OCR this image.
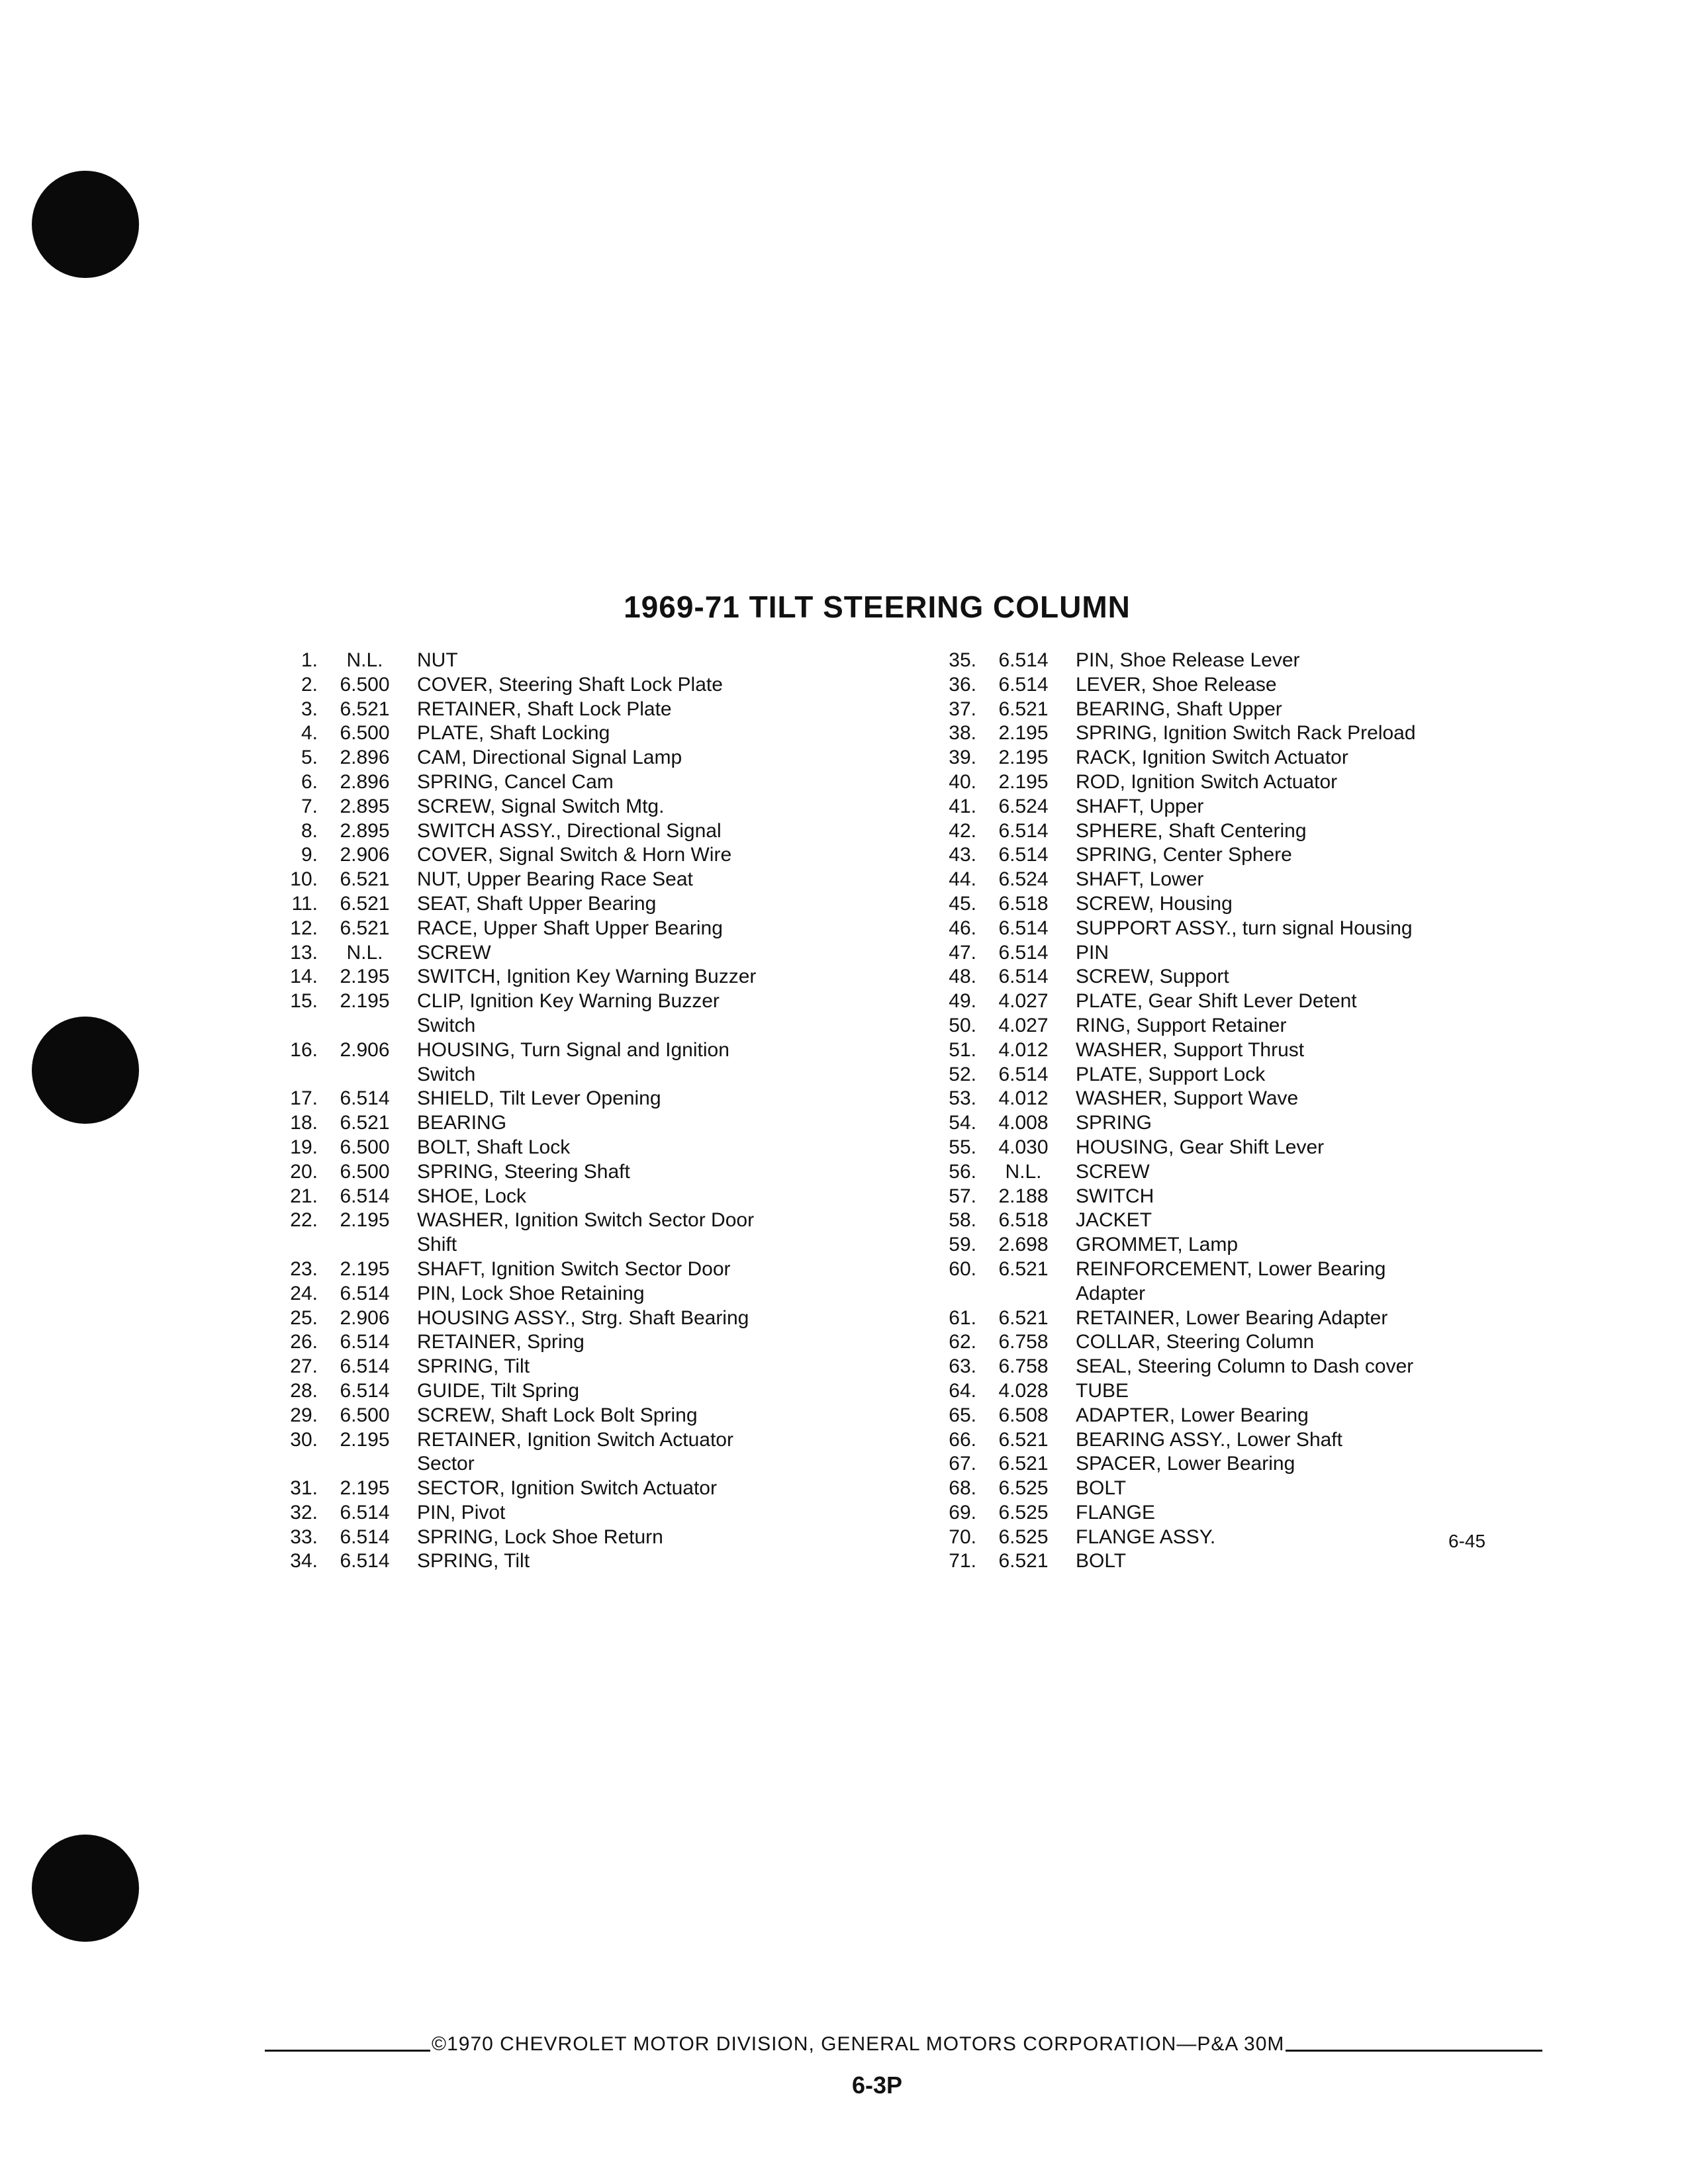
1969-71 TILT STEERING COLUMN
1.	N.L.	NUT
2.	6.500	COVER, Steering Shaft Lock Plate
3.	6.521	RETAINER, Shaft Lock Plate
4.	6.500	PLATE, Shaft Locking
5.	2.896	CAM, Directional Signal Lamp
6.	2.896	SPRING, Cancel Cam
7.	2.895	SCREW, Signal Switch Mtg.
8.	2.895	SWITCH ASSY., Directional Signal
9.	2.906	COVER, Signal Switch & Horn Wire
10.	6.521	NUT, Upper Bearing Race Seat
11.	6.521	SEAT, Shaft Upper Bearing
12.	6.521	RACE, Upper Shaft Upper Bearing
13.	N.L.	SCREW
14.	2.195	SWITCH, Ignition Key Warning Buzzer
15.	2.195	CLIP, Ignition Key Warning Buzzer
Switch
16.	2.906	HOUSING, Turn Signal and Ignition
Switch
17.	6.514	SHIELD, Tilt Lever Opening
18.	6.521	BEARING
19.	6.500	BOLT, Shaft Lock
20.	6.500	SPRING, Steering Shaft
21.	6.514	SHOE, Lock
22.	2.195	WASHER, Ignition Switch Sector Door
Shift
23.	2.195	SHAFT, Ignition Switch Sector Door
24.	6.514	PIN, Lock Shoe Retaining
25.	2.906	HOUSING ASSY., Strg. Shaft Bearing
26.	6.514	RETAINER, Spring
27.	6.514	SPRING, Tilt
28.	6.514	GUIDE, Tilt Spring
29.	6.500	SCREW, Shaft Lock Bolt Spring
30.	2.195	RETAINER, Ignition Switch Actuator
Sector
31.	2.195	SECTOR, Ignition Switch Actuator
32.	6.514	PIN, Pivot
33.	6.514	SPRING, Lock Shoe Return
34.	6.514	SPRING, Tilt
35.	6.514	PIN, Shoe Release Lever
36.	6.514	LEVER, Shoe Release
37.	6.521	BEARING, Shaft Upper
38.	2.195	SPRING, Ignition Switch Rack Preload
39.	2.195	RACK, Ignition Switch Actuator
40.	2.195	ROD, Ignition Switch Actuator
41.	6.524	SHAFT, Upper
42.	6.514	SPHERE, Shaft Centering
43.	6.514	SPRING, Center Sphere
44.	6.524	SHAFT, Lower
45.	6.518	SCREW, Housing
46.	6.514	SUPPORT ASSY., turn signal Housing
47.	6.514	PIN
48.	6.514	SCREW, Support
49.	4.027	PLATE, Gear Shift Lever Detent
50.	4.027	RING, Support Retainer
51.	4.012	WASHER, Support Thrust
52.	6.514	PLATE, Support Lock
53.	4.012	WASHER, Support Wave
54.	4.008	SPRING
55.	4.030	HOUSING, Gear Shift Lever
56.	N.L.	SCREW
57.	2.188	SWITCH
58.	6.518	JACKET
59.	2.698	GROMMET, Lamp
60.	6.521	REINFORCEMENT, Lower Bearing Adapter
61.	6.521	RETAINER, Lower Bearing Adapter
62.	6.758	COLLAR, Steering Column
63.	6.758	SEAL, Steering Column to Dash cover
64.	4.028	TUBE
65.	6.508	ADAPTER, Lower Bearing
66.	6.521	BEARING ASSY., Lower Shaft
67.	6.521	SPACER, Lower Bearing
68.	6.525	BOLT
69.	6.525	FLANGE
70.	6.525	FLANGE ASSY.
71.	6.521	BOLT
6-45
©1970 CHEVROLET MOTOR DIVISION, GENERAL MOTORS CORPORATION—P&A 30M
6-3P
